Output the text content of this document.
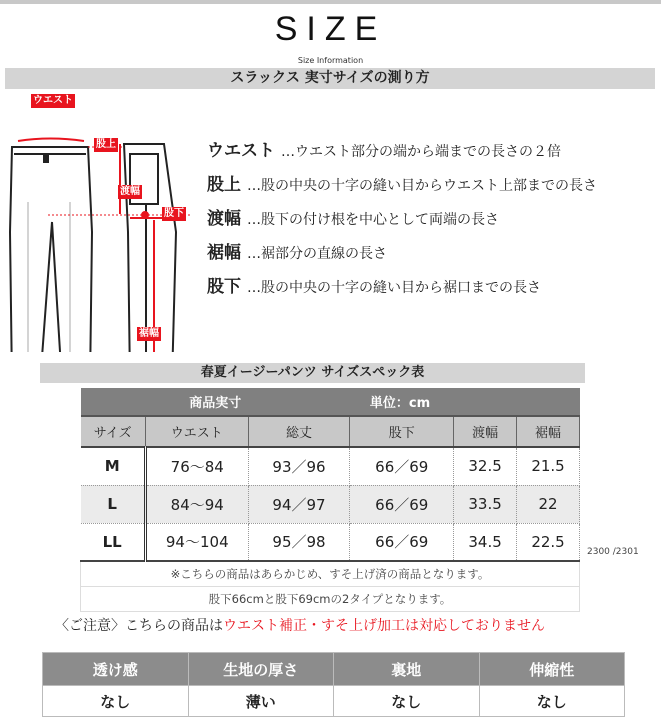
SIZE
Size Information
スラックス 実寸サイズの測り方
ウエスト
股上
渡幅
股下
裾幅
ウエスト …ウエスト部分の端から端までの長さの２倍
股上 …股の中央の十字の縫い目からウエスト上部までの長さ
渡幅 …股下の付け根を中心として両端の長さ
裾幅 …裾部分の直線の長さ
股下 …股の中央の十字の縫い目から裾口までの長さ
春夏イージーパンツ サイズスペック表
商品実寸			単位：cm		
サイズ	ウエスト	総丈	股下	渡幅	裾幅
M	76～84	93／96	66／69	32.5	21.5
L	84～94	94／97	66／69	33.5	22
LL	94～104	95／98	66／69	34.5	22.5
※こちらの商品はあらかじめ、すそ上げ済の商品となります。					
股下66cmと股下69cmの2タイプとなります。					
2300 /2301
〈ご注意〉こちらの商品はウエスト補正・すそ上げ加工は対応しておりません
透け感	生地の厚さ	裏地	伸縮性
なし	薄い	なし	なし
